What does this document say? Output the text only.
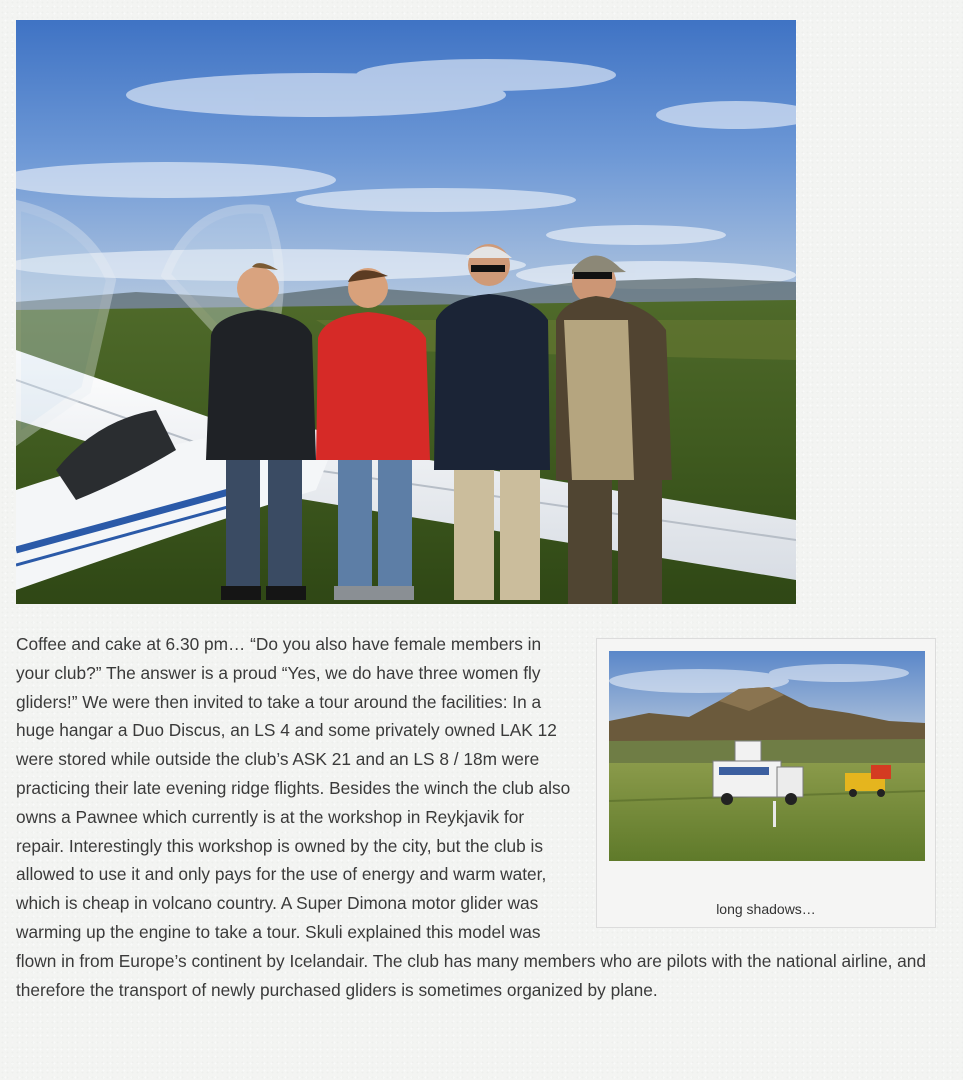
long shadows…

Coffee and cake at 6.30 pm… “Do you also have female members in your club?” The answer is a proud “Yes, we do have three women fly gliders!” We were then invited to take a tour around the facilities: In a huge hangar a Duo Discus, an LS 4 and some privately owned LAK 12 were stored while outside the club’s ASK 21 and an LS 8 / 18m were practicing their late evening ridge flights. Besides the winch the club also owns a Pawnee which currently is at the workshop in Reykjavik for repair. Interestingly this workshop is owned by the city, but the club is allowed to use it and only pays for the use of energy and warm water, which is cheap in volcano country. A Super Dimona motor glider was warming up the engine to take a tour. Skuli explained this model was flown in from Europe’s continent by Icelandair. The club has many members who are pilots with the national airline, and therefore the transport of newly purchased gliders is sometimes organized by plane.
